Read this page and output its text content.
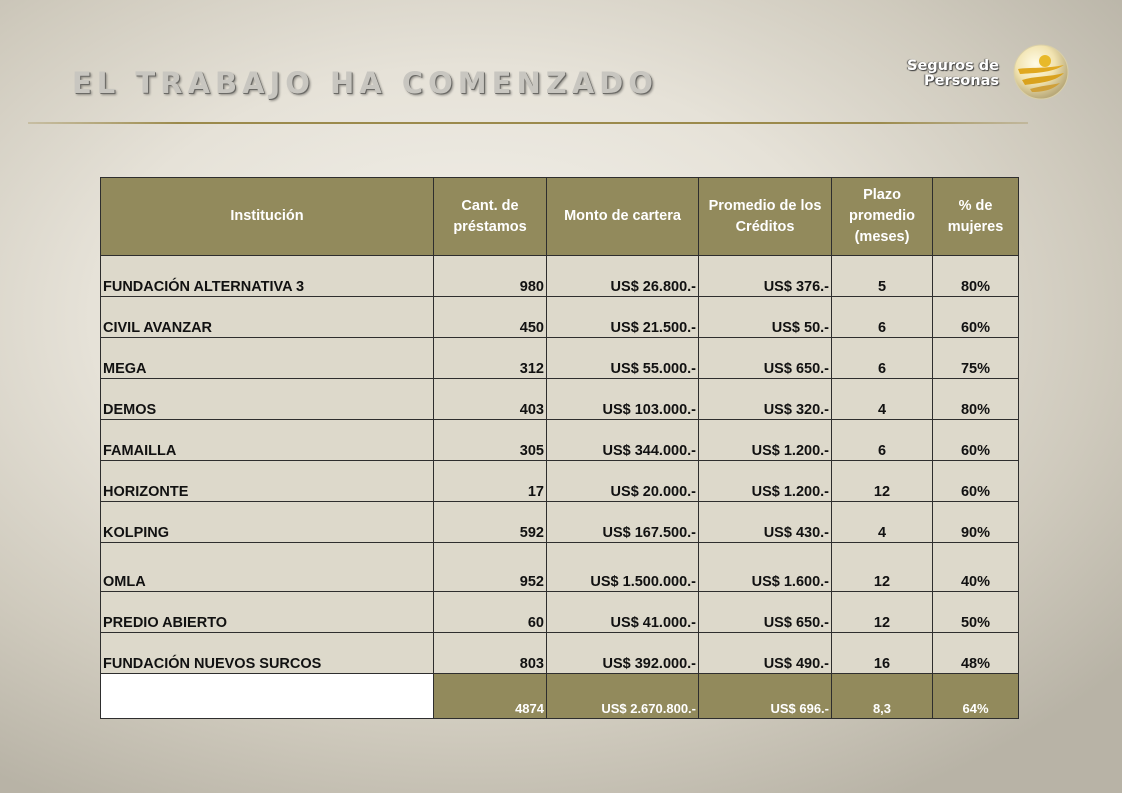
EL TRABAJO HA COMENZADO	Seguros de
Personas
Institución	Cant. de préstamos	Monto de cartera	Promedio de los Créditos	Plazo promedio (meses)	% de mujeres
FUNDACIÓN ALTERNATIVA 3	980	US$ 26.800.-	US$ 376.-	5	80%
CIVIL AVANZAR	450	US$ 21.500.-	US$ 50.-	6	60%
MEGA	312	US$ 55.000.-	US$ 650.-	6	75%
DEMOS	403	US$ 103.000.-	US$ 320.-	4	80%
FAMAILLA	305	US$ 344.000.-	US$ 1.200.-	6	60%
HORIZONTE	17	US$ 20.000.-	US$ 1.200.-	12	60%
KOLPING	592	US$ 167.500.-	US$ 430.-	4	90%
OMLA	952	US$ 1.500.000.-	US$ 1.600.-	12	40%
PREDIO ABIERTO	60	US$ 41.000.-	US$ 650.-	12	50%
FUNDACIÓN NUEVOS SURCOS	803	US$ 392.000.-	US$ 490.-	16	48%
	4874	US$ 2.670.800.-	US$ 696.-	8,3	64%
